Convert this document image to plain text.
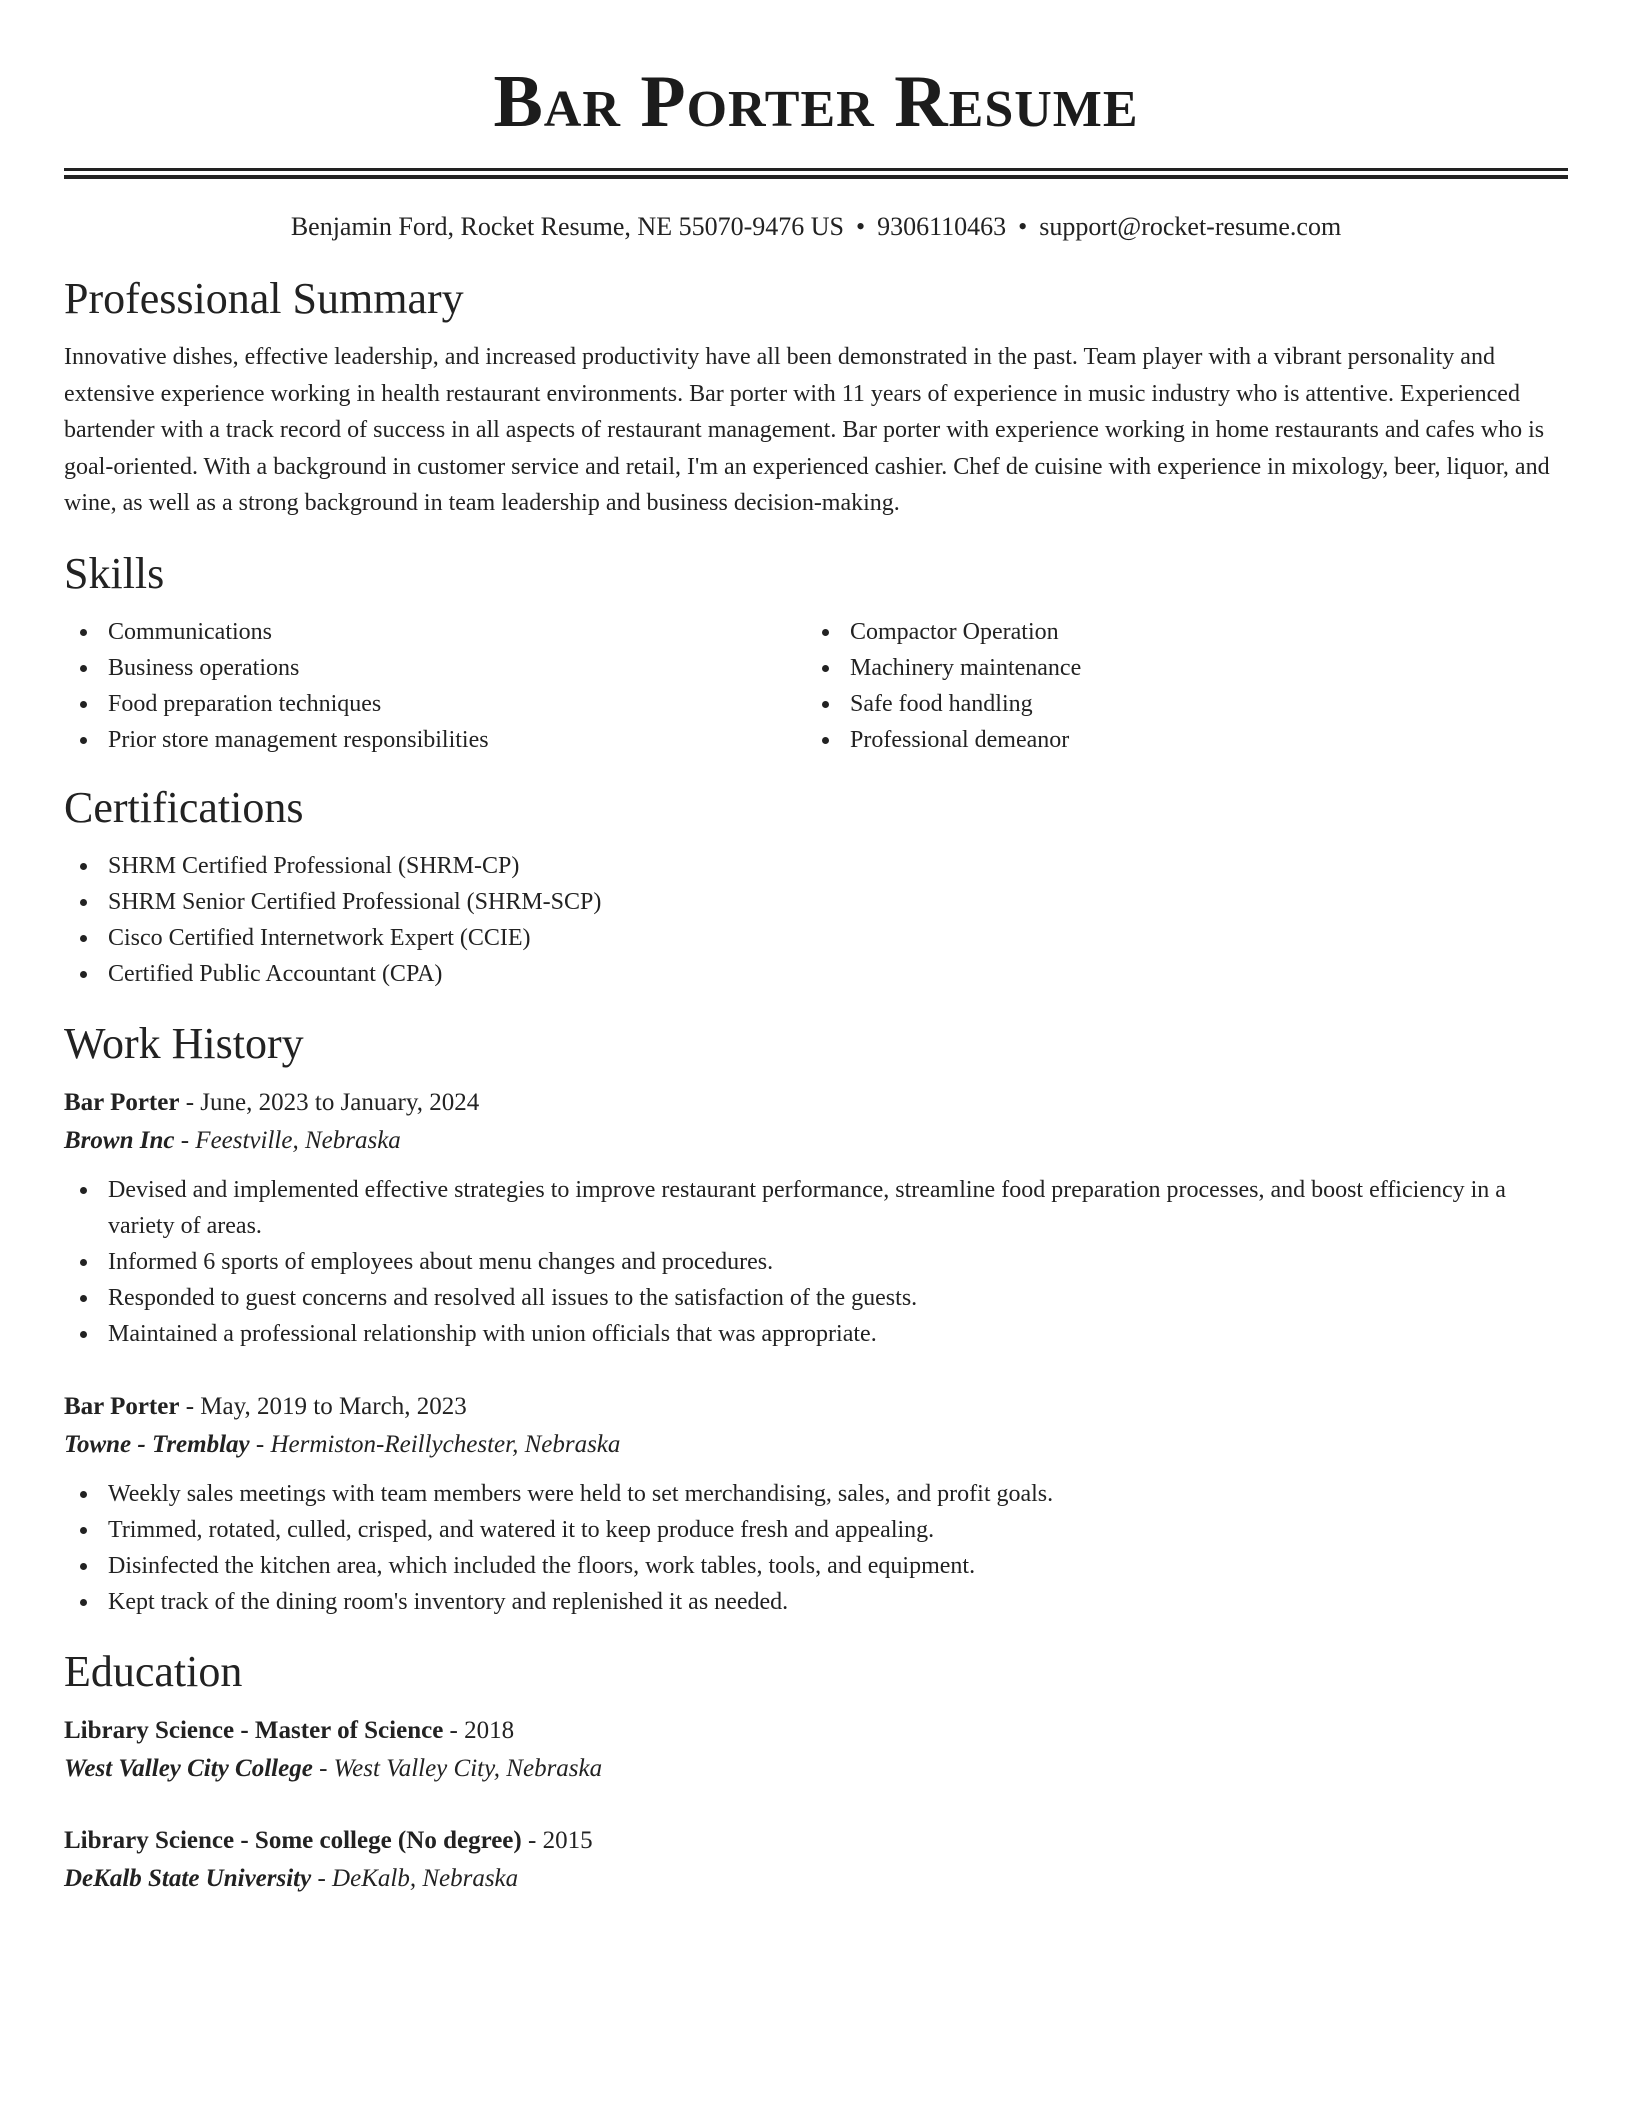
Bar Porter Resume
Benjamin Ford, Rocket Resume, NE 55070-9476 US • 9306110463 • support@rocket-resume.com
Professional Summary

Innovative dishes, effective leadership, and increased productivity have all been demonstrated in the past. Team player with a vibrant personality and extensive experience working in health restaurant environments. Bar porter with 11 years of experience in music industry who is attentive. Experienced bartender with a track record of success in all aspects of restaurant management. Bar porter with experience working in home restaurants and cafes who is goal-oriented. With a background in customer service and retail, I'm an experienced cashier. Chef de cuisine with experience in mixology, beer, liquor, and wine, as well as a strong background in team leadership and business decision-making.

Skills
Communications
Business operations
Food preparation techniques
Prior store management responsibilities
Compactor Operation
Machinery maintenance
Safe food handling
Professional demeanor
Certifications
SHRM Certified Professional (SHRM-CP)
SHRM Senior Certified Professional (SHRM-SCP)
Cisco Certified Internetwork Expert (CCIE)
Certified Public Accountant (CPA)
Work History
Bar Porter - June, 2023 to January, 2024
Brown Inc - Feestville, Nebraska
Devised and implemented effective strategies to improve restaurant performance, streamline food preparation processes, and boost efficiency in a variety of areas.
Informed 6 sports of employees about menu changes and procedures.
Responded to guest concerns and resolved all issues to the satisfaction of the guests.
Maintained a professional relationship with union officials that was appropriate.
Bar Porter - May, 2019 to March, 2023
Towne - Tremblay - Hermiston-Reillychester, Nebraska
Weekly sales meetings with team members were held to set merchandising, sales, and profit goals.
Trimmed, rotated, culled, crisped, and watered it to keep produce fresh and appealing.
Disinfected the kitchen area, which included the floors, work tables, tools, and equipment.
Kept track of the dining room's inventory and replenished it as needed.
Education
Library Science - Master of Science - 2018
West Valley City College - West Valley City, Nebraska
Library Science - Some college (No degree) - 2015
DeKalb State University - DeKalb, Nebraska
